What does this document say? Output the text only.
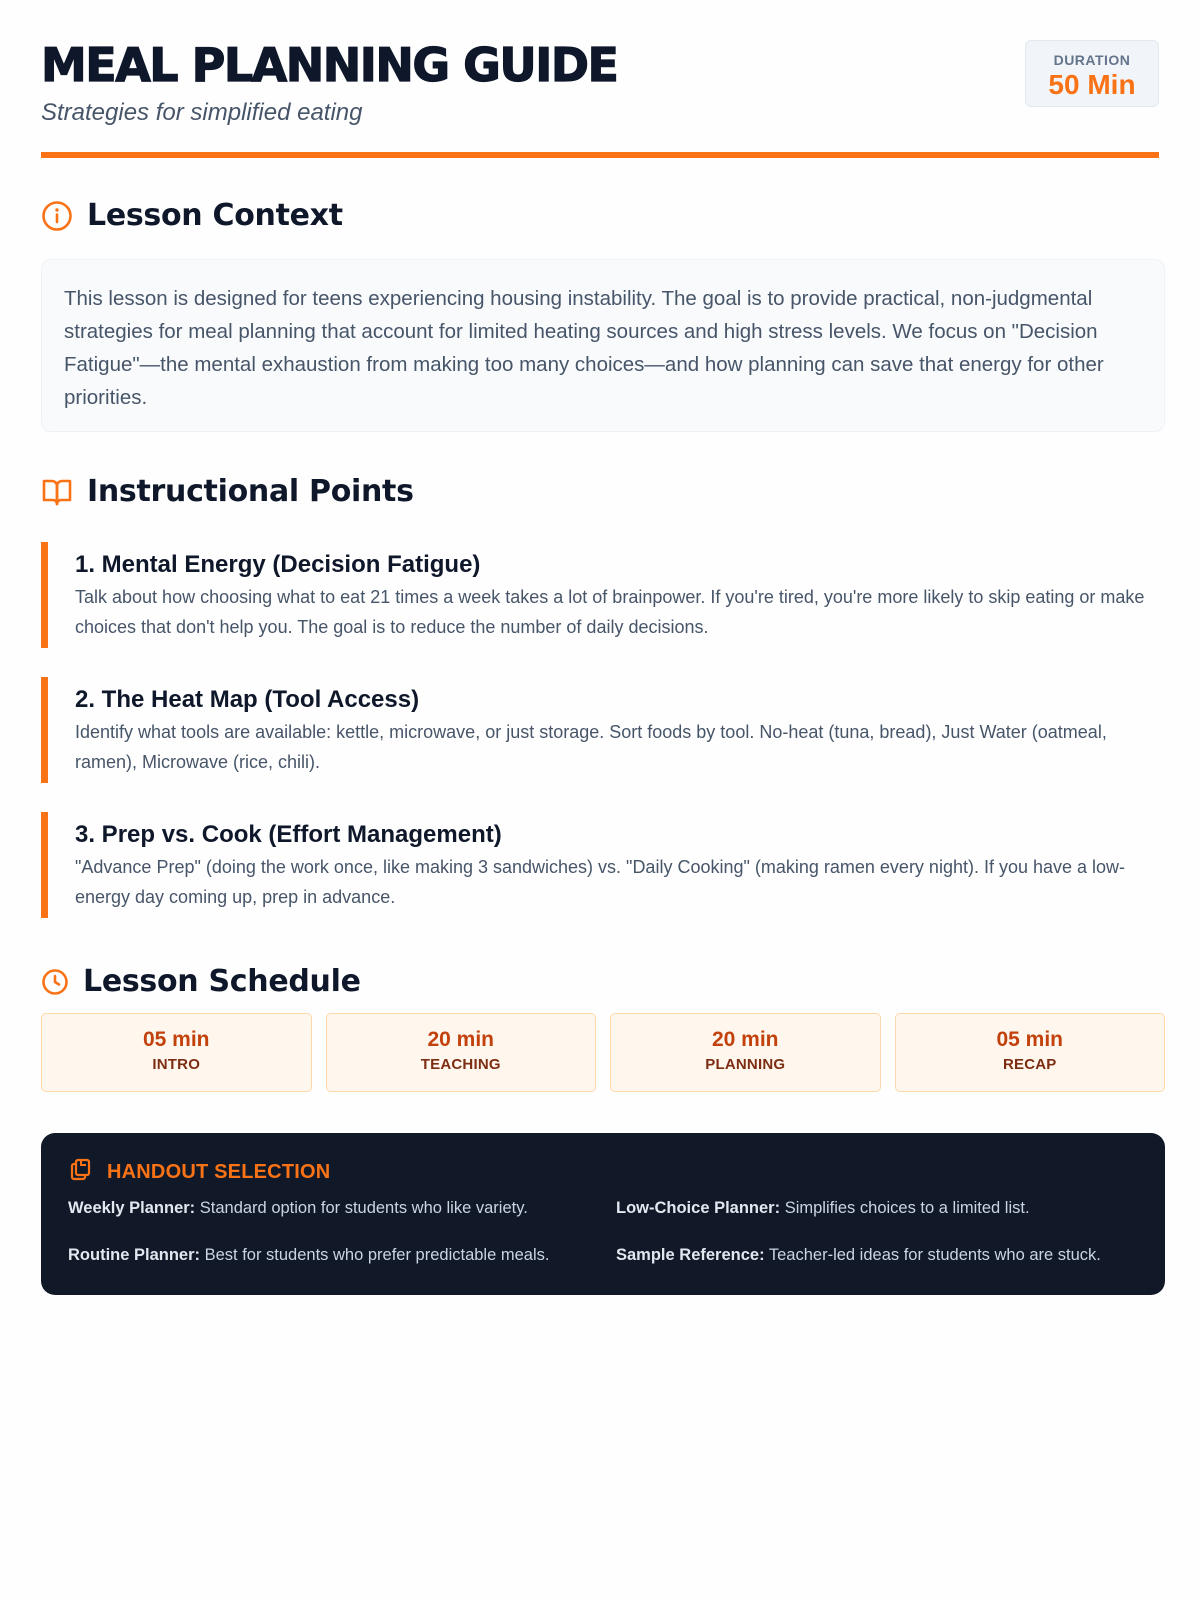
MEAL PLANNING GUIDE
Strategies for simplified eating
DURATION
50 Min
Lesson Context

This lesson is designed for teens experiencing housing instability. The goal is to provide practical, non-judgmental strategies for meal planning that account for limited heating sources and high stress levels. We focus on "Decision Fatigue"—the mental exhaustion from making too many choices—and how planning can save that energy for other priorities.

Instructional Points
1. Mental Energy (Decision Fatigue)
Talk about how choosing what to eat 21 times a week takes a lot of brainpower. If you're tired, you're more likely to skip eating or make choices that don't help you. The goal is to reduce the number of daily decisions.
2. The Heat Map (Tool Access)
Identify what tools are available: kettle, microwave, or just storage. Sort foods by tool. No-heat (tuna, bread), Just Water (oatmeal, ramen), Microwave (rice, chili).
3. Prep vs. Cook (Effort Management)
"Advance Prep" (doing the work once, like making 3 sandwiches) vs. "Daily Cooking" (making ramen every night). If you have a low-energy day coming up, prep in advance.
Lesson Schedule
05 min
INTRO
20 min
TEACHING
20 min
PLANNING
05 min
RECAP
HANDOUT SELECTION
Weekly Planner: Standard option for students who like variety.	Low-Choice Planner: Simplifies choices to a limited list.
Routine Planner: Best for students who prefer predictable meals.	Sample Reference: Teacher-led ideas for students who are stuck.
